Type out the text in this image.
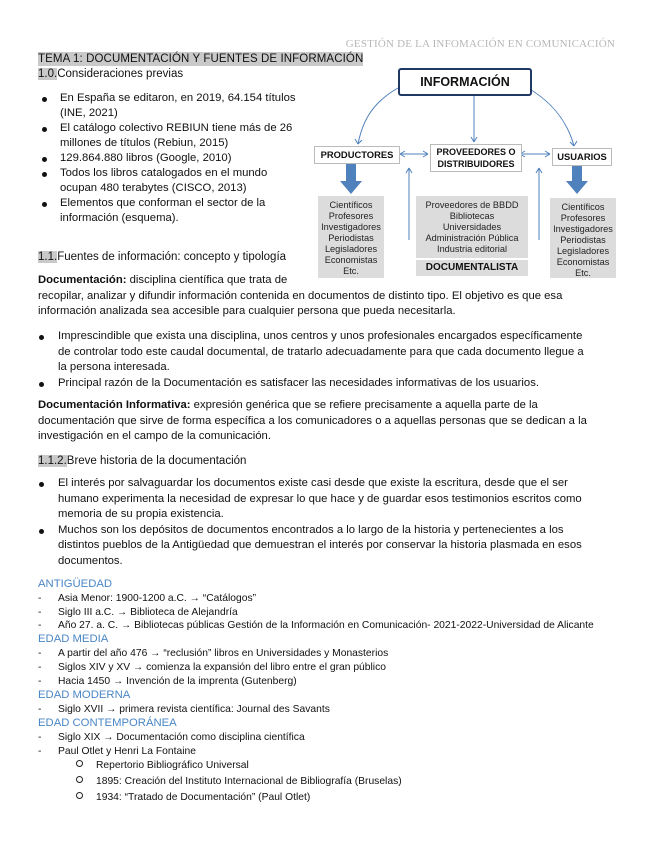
GESTIÓN DE LA INFOMACIÓN EN COMUNICACIÓN
TEMA 1: DOCUMENTACIÓN Y FUENTES DE INFORMACIÓN
1.0.Consideraciones previas
En España se editaron, en 2019, 64.154 títulos
(INE, 2021)
El catálogo colectivo REBIUN tiene más de 26
millones de títulos (Rebiun, 2015)
129.864.880 libros (Google, 2010)
Todos los libros catalogados en el mundo
ocupan 480 terabytes (CISCO, 2013)
Elementos que conforman el sector de la
información (esquema).
INFORMACIÓN
PRODUCTORES	PROVEEDORES O DISTRIBUIDORES
USUARIOS
Científicos
Profesores
Investigadores
Periodistas
Legisladores
Economistas
Etc.
Proveedores de BBDD
Bibliotecas
Universidades
Administración Pública
Industria editorial
DOCUMENTALISTA
Científicos
Profesores
Investigadores
Periodistas
Legisladores
Economistas
Etc.
1.1.Fuentes de información: concepto y tipología
Documentación: disciplina científica que trata de
recopilar, analizar y difundir información contenida en documentos de distinto tipo. El objetivo es que esa
información analizada sea accesible para cualquier persona que pueda necesitarla.
Imprescindible que exista una disciplina, unos centros y unos profesionales encargados específicamente
de controlar todo este caudal documental, de tratarlo adecuadamente para que cada documento llegue a
la persona interesada.
Principal razón de la Documentación es satisfacer las necesidades informativas de los usuarios.
Documentación Informativa: expresión genérica que se refiere precisamente a aquella parte de la
documentación que sirve de forma específica a los comunicadores o a aquellas personas que se dedican a la
investigación en el campo de la comunicación.
1.1.2.Breve historia de la documentación
El interés por salvaguardar los documentos existe casi desde que existe la escritura, desde que el ser
humano experimenta la necesidad de expresar lo que hace y de guardar esos testimonios escritos como
memoria de su propia existencia.
Muchos son los depósitos de documentos encontrados a lo largo de la historia y pertenecientes a los
distintos pueblos de la Antigüedad que demuestran el interés por conservar la historia plasmada en esos
documentos.
ANTIGÜEDAD
- Asia Menor: 1900-1200 a.C. → “Catálogos”
- Siglo III a.C. → Biblioteca de Alejandría
- Año 27. a. C. → Bibliotecas públicas Gestión de la Información en Comunicación- 2021-2022-Universidad de Alicante
EDAD MEDIA
- A partir del año 476 → “reclusión” libros en Universidades y Monasterios
- Siglos XIV y XV → comienza la expansión del libro entre el gran público
- Hacia 1450 → Invención de la imprenta (Gutenberg)
EDAD MODERNA
- Siglo XVII → primera revista científica: Journal des Savants
EDAD CONTEMPORÁNEA
- Siglo XIX → Documentación como disciplina científica
- Paul Otlet y Henri La Fontaine
Repertorio Bibliográfico Universal
1895: Creación del Instituto Internacional de Bibliografía (Bruselas)
1934: “Tratado de Documentación” (Paul Otlet)
